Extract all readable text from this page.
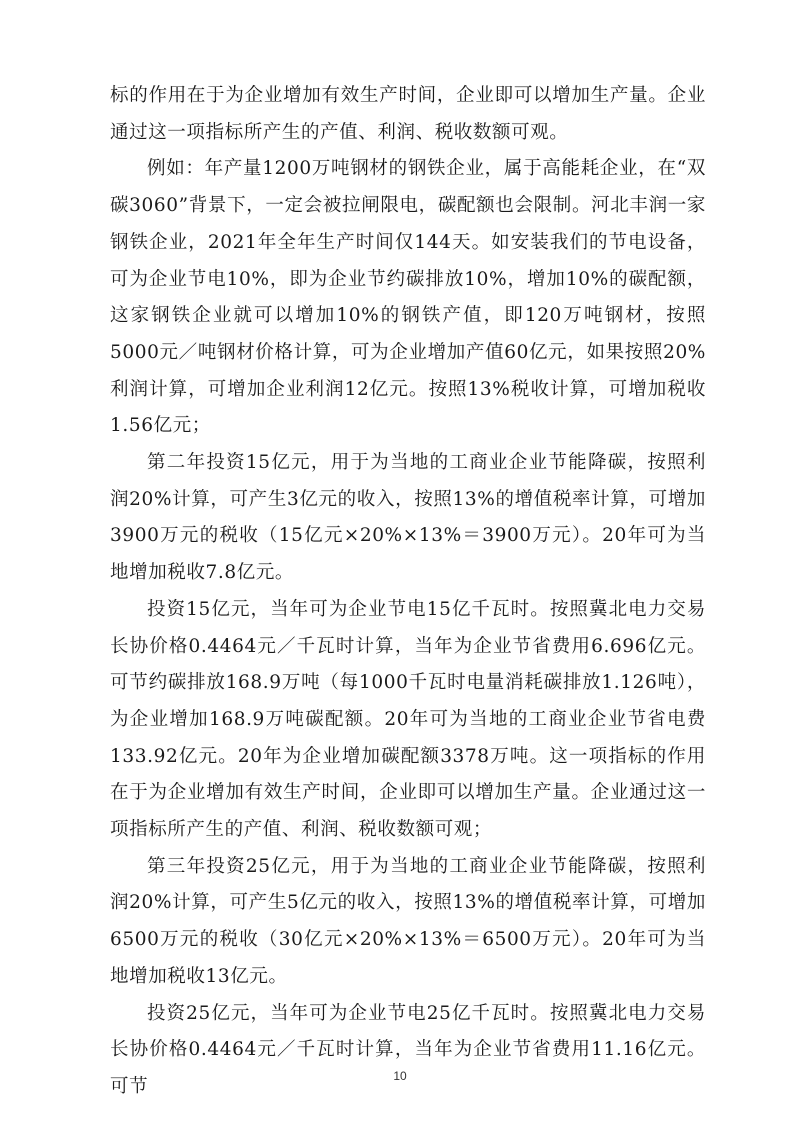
标的作用在于为企业增加有效生产时间，企业即可以增加生产量。企业通过这一项指标所产生的产值、利润、税收数额可观。

例如：年产量1200万吨钢材的钢铁企业，属于高能耗企业，在“双碳3060”背景下，一定会被拉闸限电，碳配额也会限制。河北丰润一家钢铁企业，2021年全年生产时间仅144天。如安装我们的节电设备，可为企业节电10%，即为企业节约碳排放10%，增加10%的碳配额，这家钢铁企业就可以增加10%的钢铁产值，即120万吨钢材，按照5000元／吨钢材价格计算，可为企业增加产值60亿元，如果按照20%利润计算，可增加企业利润12亿元。按照13%税收计算，可增加税收1.56亿元；

第二年投资15亿元，用于为当地的工商业企业节能降碳，按照利润20%计算，可产生3亿元的收入，按照13%的增值税率计算，可增加3900万元的税收（15亿元×20%×13%＝3900万元）。20年可为当地增加税收7.8亿元。

投资15亿元，当年可为企业节电15亿千瓦时。按照冀北电力交易长协价格0.4464元／千瓦时计算，当年为企业节省费用6.696亿元。可节约碳排放168.9万吨（每1000千瓦时电量消耗碳排放1.126吨），为企业增加168.9万吨碳配额。20年可为当地的工商业企业节省电费133.92亿元。20年为企业增加碳配额3378万吨。这一项指标的作用在于为企业增加有效生产时间，企业即可以增加生产量。企业通过这一项指标所产生的产值、利润、税收数额可观；

第三年投资25亿元，用于为当地的工商业企业节能降碳，按照利润20%计算，可产生5亿元的收入，按照13%的增值税率计算，可增加6500万元的税收（30亿元×20%×13%＝6500万元）。20年可为当地增加税收13亿元。

投资25亿元，当年可为企业节电25亿千瓦时。按照冀北电力交易长协价格0.4464元／千瓦时计算，当年为企业节省费用11.16亿元。可节	10
